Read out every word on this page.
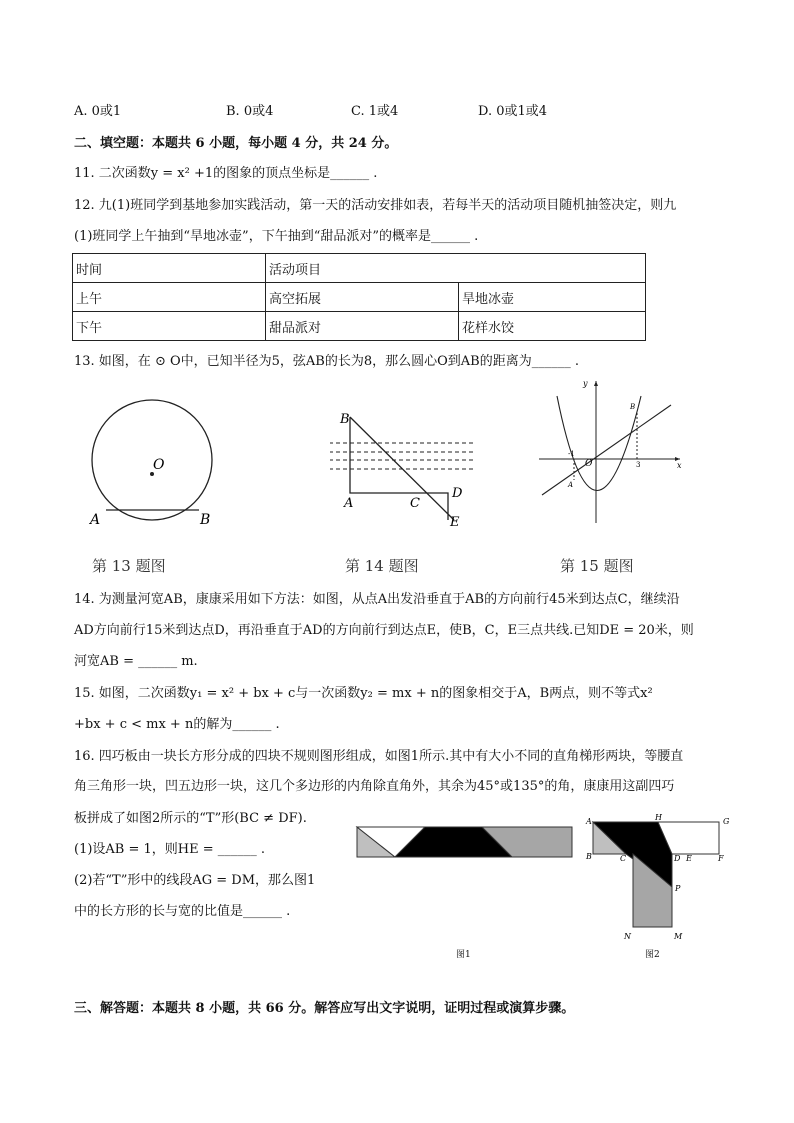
A. 0或1	B. 0或4	C. 1或4	D. 0或1或4
二、填空题：本题共 6 小题，每小题 4 分，共 24 分。
11. 二次函数y = x² +1的图象的顶点坐标是______ .
12. 九(1)班同学到基地参加实践活动，第一天的活动安排如表，若每半天的活动项目随机抽签决定，则九
(1)班同学上午抽到“旱地冰壶”，下午抽到“甜品派对”的概率是______ .
时间	活动项目	
上午	高空拓展	旱地冰壶
下午	甜品派对	花样水饺
13. 如图，在 ⊙ O中，已知半径为5，弦AB的长为8，那么圆心O到AB的距离为______ .
O
A	B
第 13 题图
B
A	C
D
E
第 14 题图
y
x
O
-1
3
A
B
第 15 题图
14. 为测量河宽AB，康康采用如下方法：如图，从点A出发沿垂直于AB的方向前行45米到达点C，继续沿
AD方向前行15米到达点D，再沿垂直于AD的方向前行到达点E，使B，C，E三点共线.已知DE = 20米，则
河宽AB = ______ m.
15. 如图，二次函数y₁ = x² + bx + c与一次函数y₂ = mx + n的图象相交于A，B两点，则不等式x²
+bx + c < mx + n的解为______ .
16. 四巧板由一块长方形分成的四块不规则图形组成，如图1所示.其中有大小不同的直角梯形两块，等腰直
角三角形一块，凹五边形一块，这几个多边形的内角除直角外，其余为45°或135°的角，康康用这副四巧
板拼成了如图2所示的“T”形(BC ≠ DF).
(1)设AB = 1，则HE = ______ .
(2)若“T”形中的线段AG = DM，那么图1
中的长方形的长与宽的比值是______ .
图1
A	H	G
B	C	D E	F
P
N	M
图2
三、解答题：本题共 8 小题，共 66 分。解答应写出文字说明，证明过程或演算步骤。
